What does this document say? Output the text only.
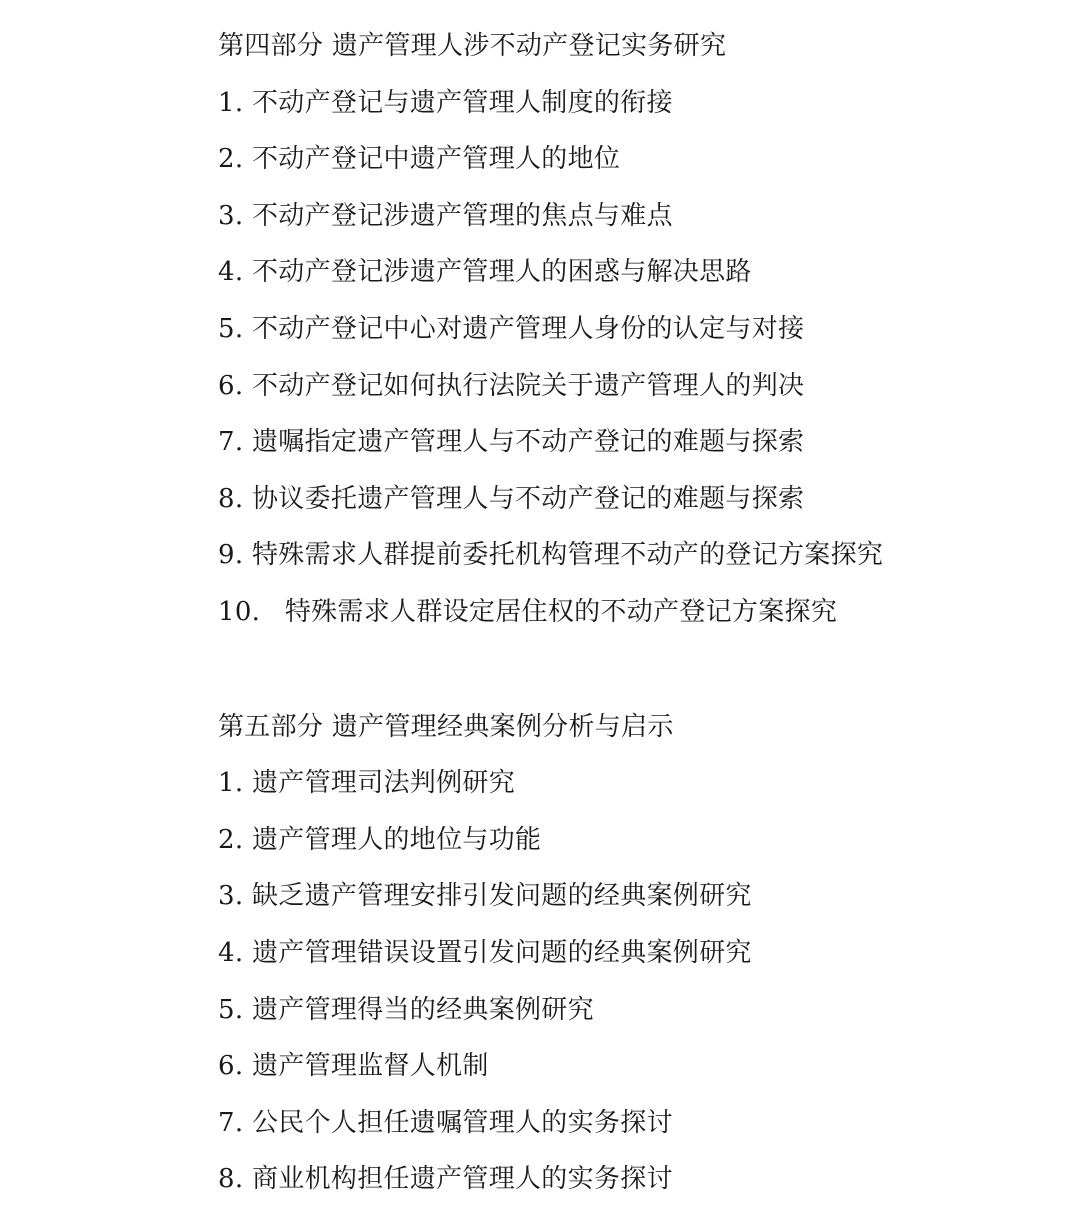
第四部分 遗产管理人涉不动产登记实务研究
1. 不动产登记与遗产管理人制度的衔接
2. 不动产登记中遗产管理人的地位
3. 不动产登记涉遗产管理的焦点与难点
4. 不动产登记涉遗产管理人的困惑与解决思路
5. 不动产登记中心对遗产管理人身份的认定与对接
6. 不动产登记如何执行法院关于遗产管理人的判决
7. 遗嘱指定遗产管理人与不动产登记的难题与探索
8. 协议委托遗产管理人与不动产登记的难题与探索
9. 特殊需求人群提前委托机构管理不动产的登记方案探究
10. 特殊需求人群设定居住权的不动产登记方案探究
第五部分 遗产管理经典案例分析与启示
1. 遗产管理司法判例研究
2. 遗产管理人的地位与功能
3. 缺乏遗产管理安排引发问题的经典案例研究
4. 遗产管理错误设置引发问题的经典案例研究
5. 遗产管理得当的经典案例研究
6. 遗产管理监督人机制
7. 公民个人担任遗嘱管理人的实务探讨
8. 商业机构担任遗产管理人的实务探讨
